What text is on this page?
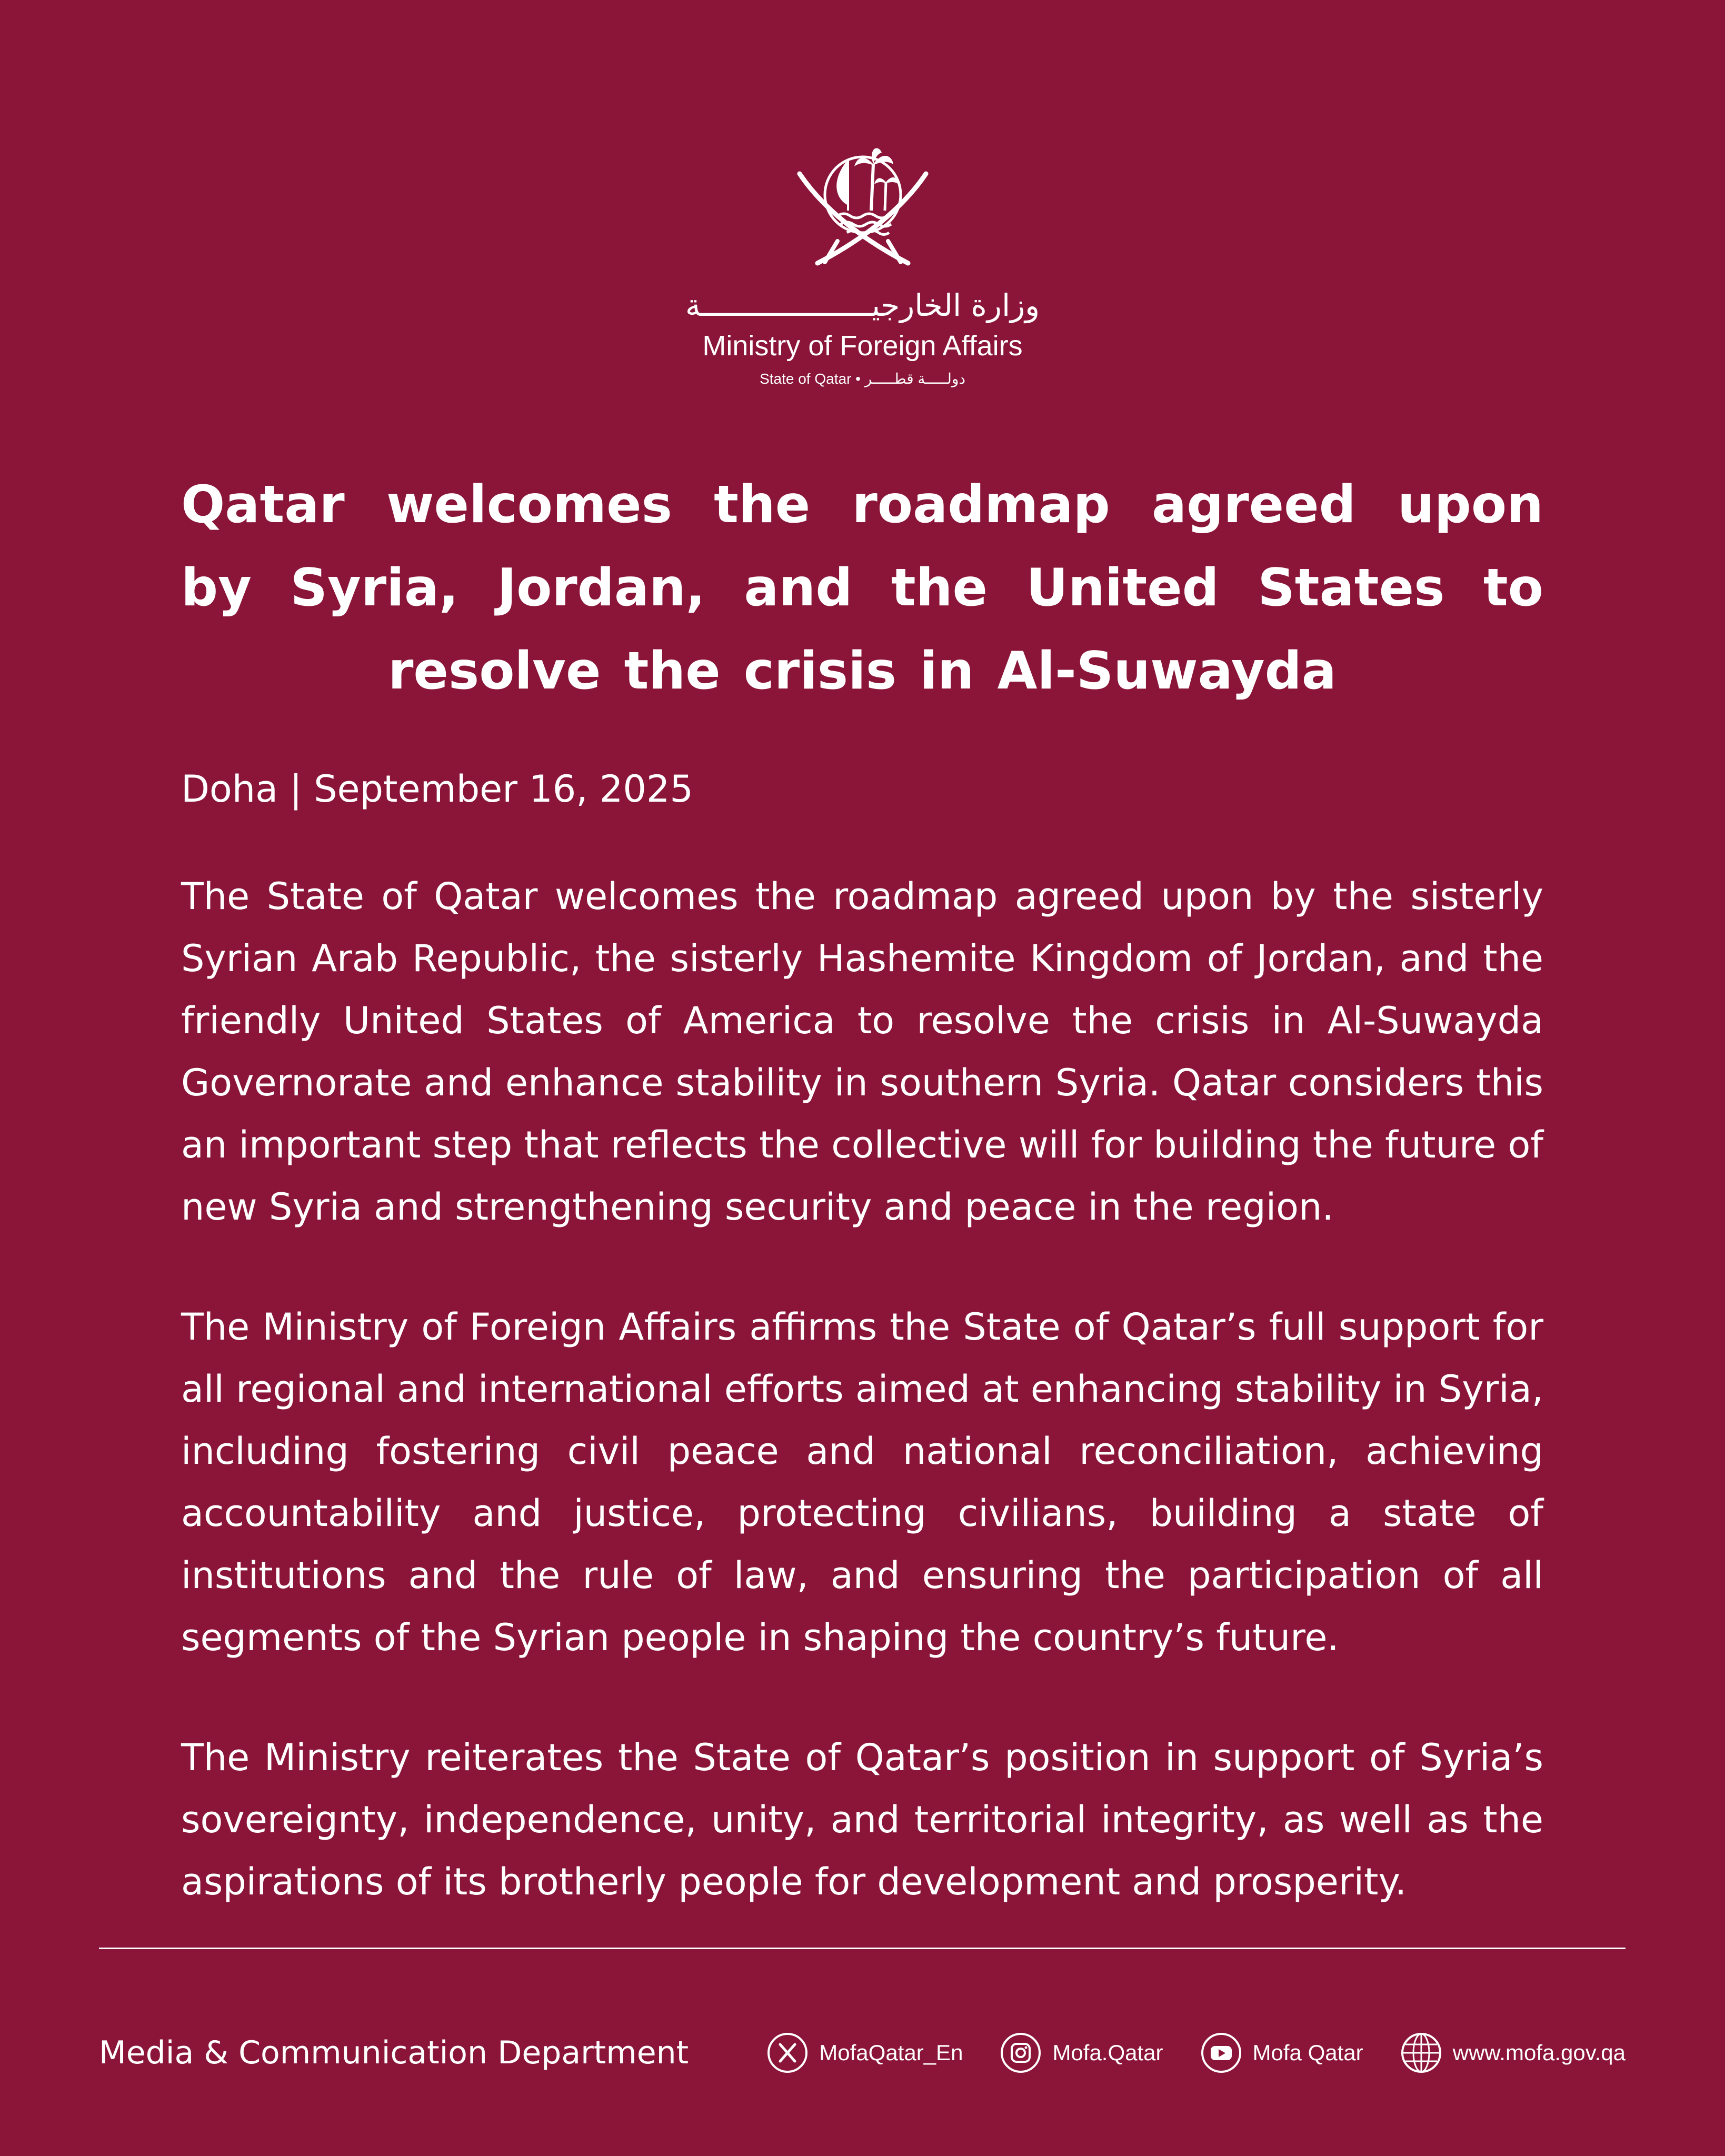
وزارة الخارجيـــــــــــــــــــة
Ministry of Foreign Affairs
State of Qatar • دولـــــة قطـــــر
Qatar welcomes the roadmap agreed upon by Syria, Jordan, and the United States to resolve the crisis in Al-Suwayda
Doha | September 16, 2025

The State of Qatar welcomes the roadmap agreed upon by the sisterly Syrian Arab Republic, the sisterly Hashemite Kingdom of Jordan, and the friendly United States of America to resolve the crisis in Al-Suwayda Governorate and enhance stability in southern Syria. Qatar considers this an important step that reflects the collective will for building the future of new Syria and strengthening security and peace in the region.

The Ministry of Foreign Affairs affirms the State of Qatar’s full support for all regional and international efforts aimed at enhancing stability in Syria, including fostering civil peace and national reconciliation, achieving accountability and justice, protecting civilians, building a state of institutions and the rule of law, and ensuring the participation of all segments of the Syrian people in shaping the country’s future.

The Ministry reiterates the State of Qatar’s position in support of Syria’s sovereignty, independence, unity, and territorial integrity, as well as the aspirations of its brotherly people for development and prosperity.

Media & Communication Department	MofaQatar_En	Mofa.Qatar	Mofa Qatar	www.mofa.gov.qa
